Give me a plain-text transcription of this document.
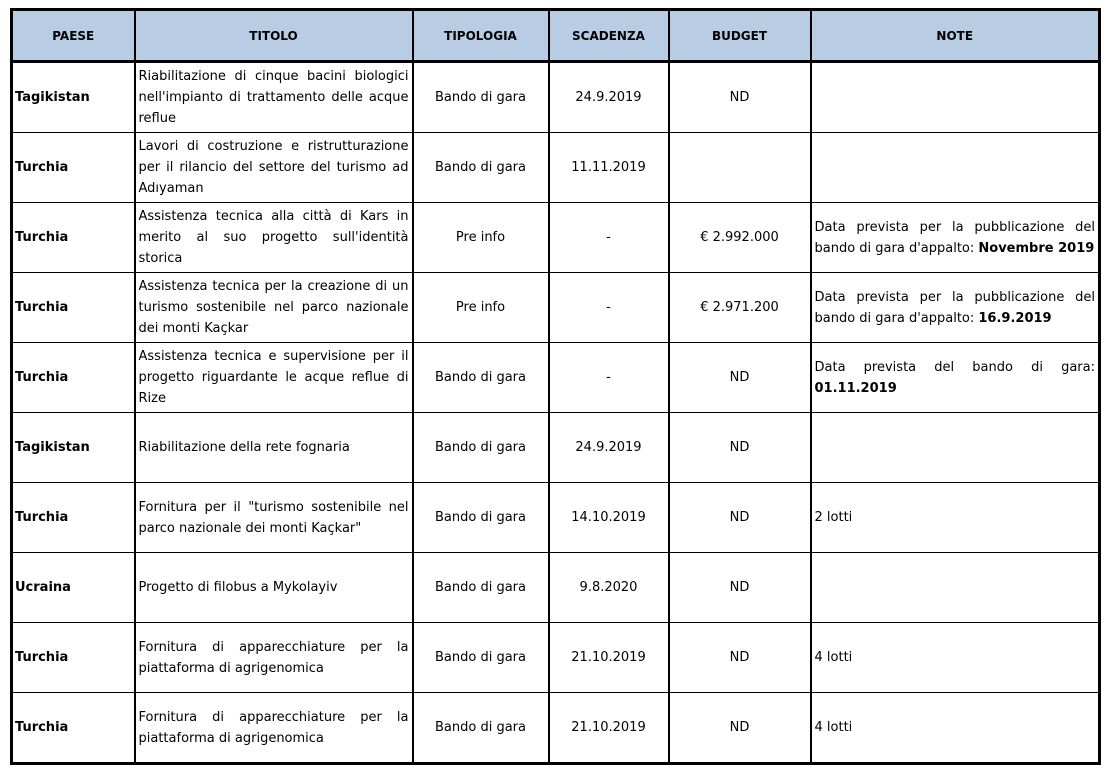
PAESE	TITOLO	TIPOLOGIA	SCADENZA	BUDGET	NOTE
Tagikistan	Riabilitazione di cinque bacini biologici nell'impianto di trattamento delle acque reflue	Bando di gara	24.9.2019	ND	
Turchia	Lavori di costruzione e ristrutturazione per il rilancio del settore del turismo ad Adıyaman	Bando di gara	11.11.2019		
Turchia	Assistenza tecnica alla città di Kars in merito al suo progetto sull'identità storica	Pre info	-	€ 2.992.000	Data prevista per la pubblicazione del bando di gara d'appalto: Novembre 2019
Turchia	Assistenza tecnica per la creazione di un turismo sostenibile nel parco nazionale dei monti Kaçkar	Pre info	-	€ 2.971.200	Data prevista per la pubblicazione del bando di gara d'appalto: 16.9.2019
Turchia	Assistenza tecnica e supervisione per il progetto riguardante le acque reflue di Rize	Bando di gara	-	ND	Data prevista del bando di gara: 01.11.2019
Tagikistan	Riabilitazione della rete fognaria	Bando di gara	24.9.2019	ND	
Turchia	Fornitura per il "turismo sostenibile nel parco nazionale dei monti Kaçkar"	Bando di gara	14.10.2019	ND	2 lotti
Ucraina	Progetto di filobus a Mykolayiv	Bando di gara	9.8.2020	ND	
Turchia	Fornitura di apparecchiature per la piattaforma di agrigenomica	Bando di gara	21.10.2019	ND	4 lotti
Turchia	Fornitura di apparecchiature per la piattaforma di agrigenomica	Bando di gara	21.10.2019	ND	4 lotti
